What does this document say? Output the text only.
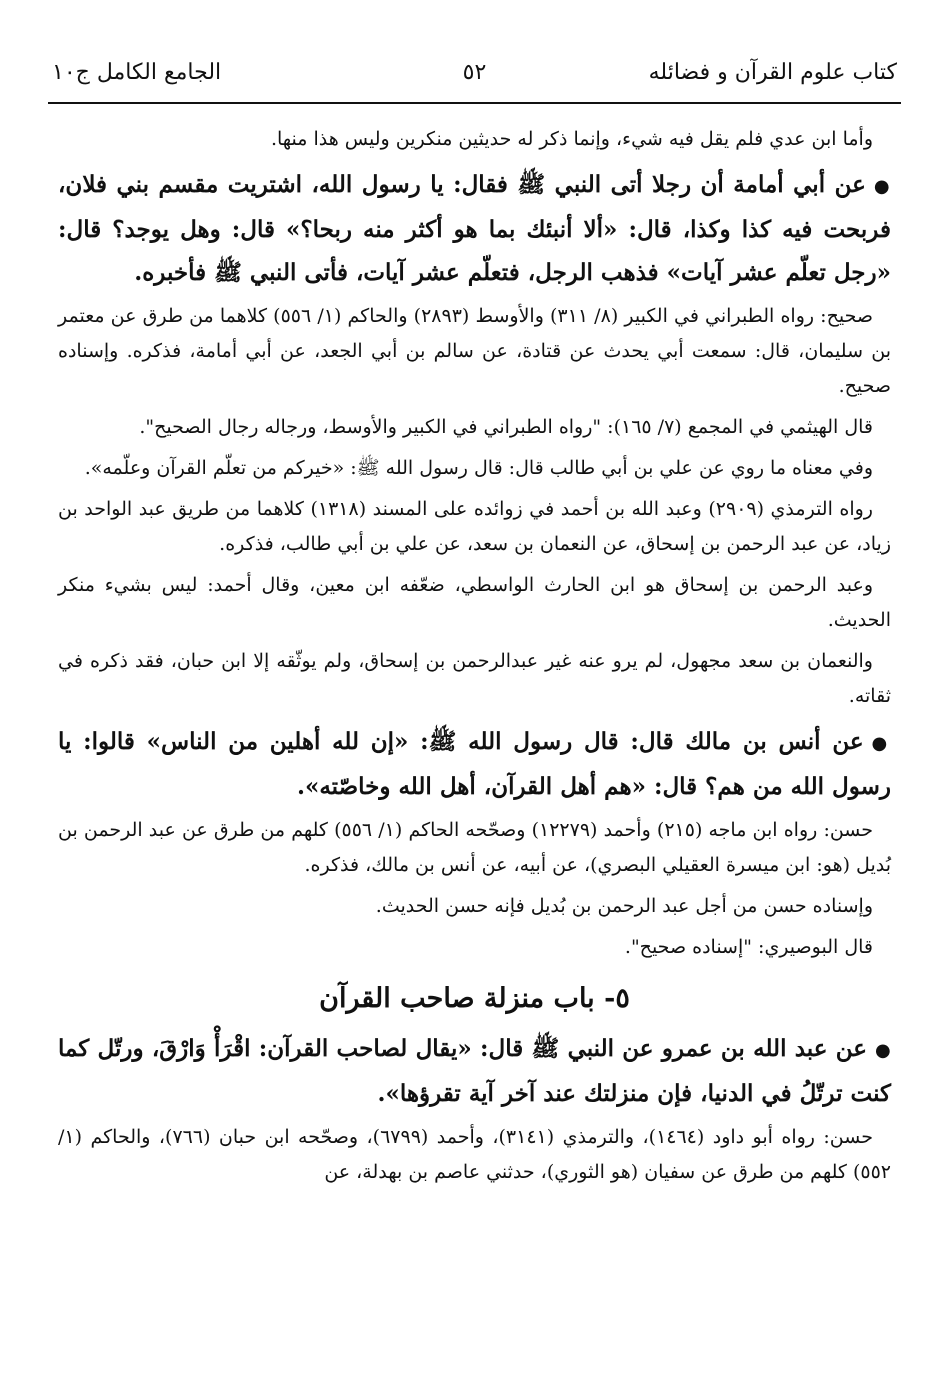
كتاب علوم القرآن و فضائله
٥٢
الجامع الكامل ج١٠

وأما ابن عدي فلم يقل فيه شيء، وإنما ذكر له حديثين منكرين وليس هذا منها.

●عن أبي أمامة أن رجلا أتى النبي ﷺ فقال: يا رسول الله، اشتريت مقسم بني فلان، فربحت فيه كذا وكذا، قال: «ألا أنبئك بما هو أكثر منه ربحا؟» قال: وهل يوجد؟ قال: «رجل تعلّم عشر آيات» فذهب الرجل، فتعلّم عشر آيات، فأتى النبي ﷺ فأخبره.

صحيح: رواه الطبراني في الكبير (٨/ ٣١١) والأوسط (٢٨٩٣) والحاكم (١/ ٥٥٦) كلاهما من طرق عن معتمر بن سليمان، قال: سمعت أبي يحدث عن قتادة، عن سالم بن أبي الجعد، عن أبي أمامة، فذكره. وإسناده صحيح.

قال الهيثمي في المجمع (٧/ ١٦٥): "رواه الطبراني في الكبير والأوسط، ورجاله رجال الصحيح".

وفي معناه ما روي عن علي بن أبي طالب قال: قال رسول الله ﷺ: «خيركم من تعلّم القرآن وعلّمه».

رواه الترمذي (٢٩٠٩) وعبد الله بن أحمد في زوائده على المسند (١٣١٨) كلاهما من طريق عبد الواحد بن زياد، عن عبد الرحمن بن إسحاق، عن النعمان بن سعد، عن علي بن أبي طالب، فذكره.

وعبد الرحمن بن إسحاق هو ابن الحارث الواسطي، ضعّفه ابن معين، وقال أحمد: ليس بشيء منكر الحديث.

والنعمان بن سعد مجهول، لم يرو عنه غير عبدالرحمن بن إسحاق، ولم يوثّقه إلا ابن حبان، فقد ذكره في ثقاته.

●عن أنس بن مالك قال: قال رسول الله ﷺ: «إن لله أهلين من الناس» قالوا: يا رسول الله من هم؟ قال: «هم أهل القرآن، أهل الله وخاصّته».

حسن: رواه ابن ماجه (٢١٥) وأحمد (١٢٢٧٩) وصحّحه الحاكم (١/ ٥٥٦) كلهم من طرق عن عبد الرحمن بن بُديل (هو: ابن ميسرة العقيلي البصري)، عن أبيه، عن أنس بن مالك، فذكره.

وإسناده حسن من أجل عبد الرحمن بن بُديل فإنه حسن الحديث.

قال البوصيري: "إسناده صحيح".

٥- باب منزلة صاحب القرآن

●عن عبد الله بن عمرو عن النبي ﷺ قال: «يقال لصاحب القرآن: اقْرَأْ وَارْقَ، ورتّل كما كنت ترتّلُ في الدنيا، فإن منزلتك عند آخر آية تقرؤها».

حسن: رواه أبو داود (١٤٦٤)، والترمذي (٣١٤١)، وأحمد (٦٧٩٩)، وصحّحه ابن حبان (٧٦٦)، والحاكم (١/ ٥٥٢) كلهم من طرق عن سفيان (هو الثوري)، حدثني عاصم بن بهدلة، عن
